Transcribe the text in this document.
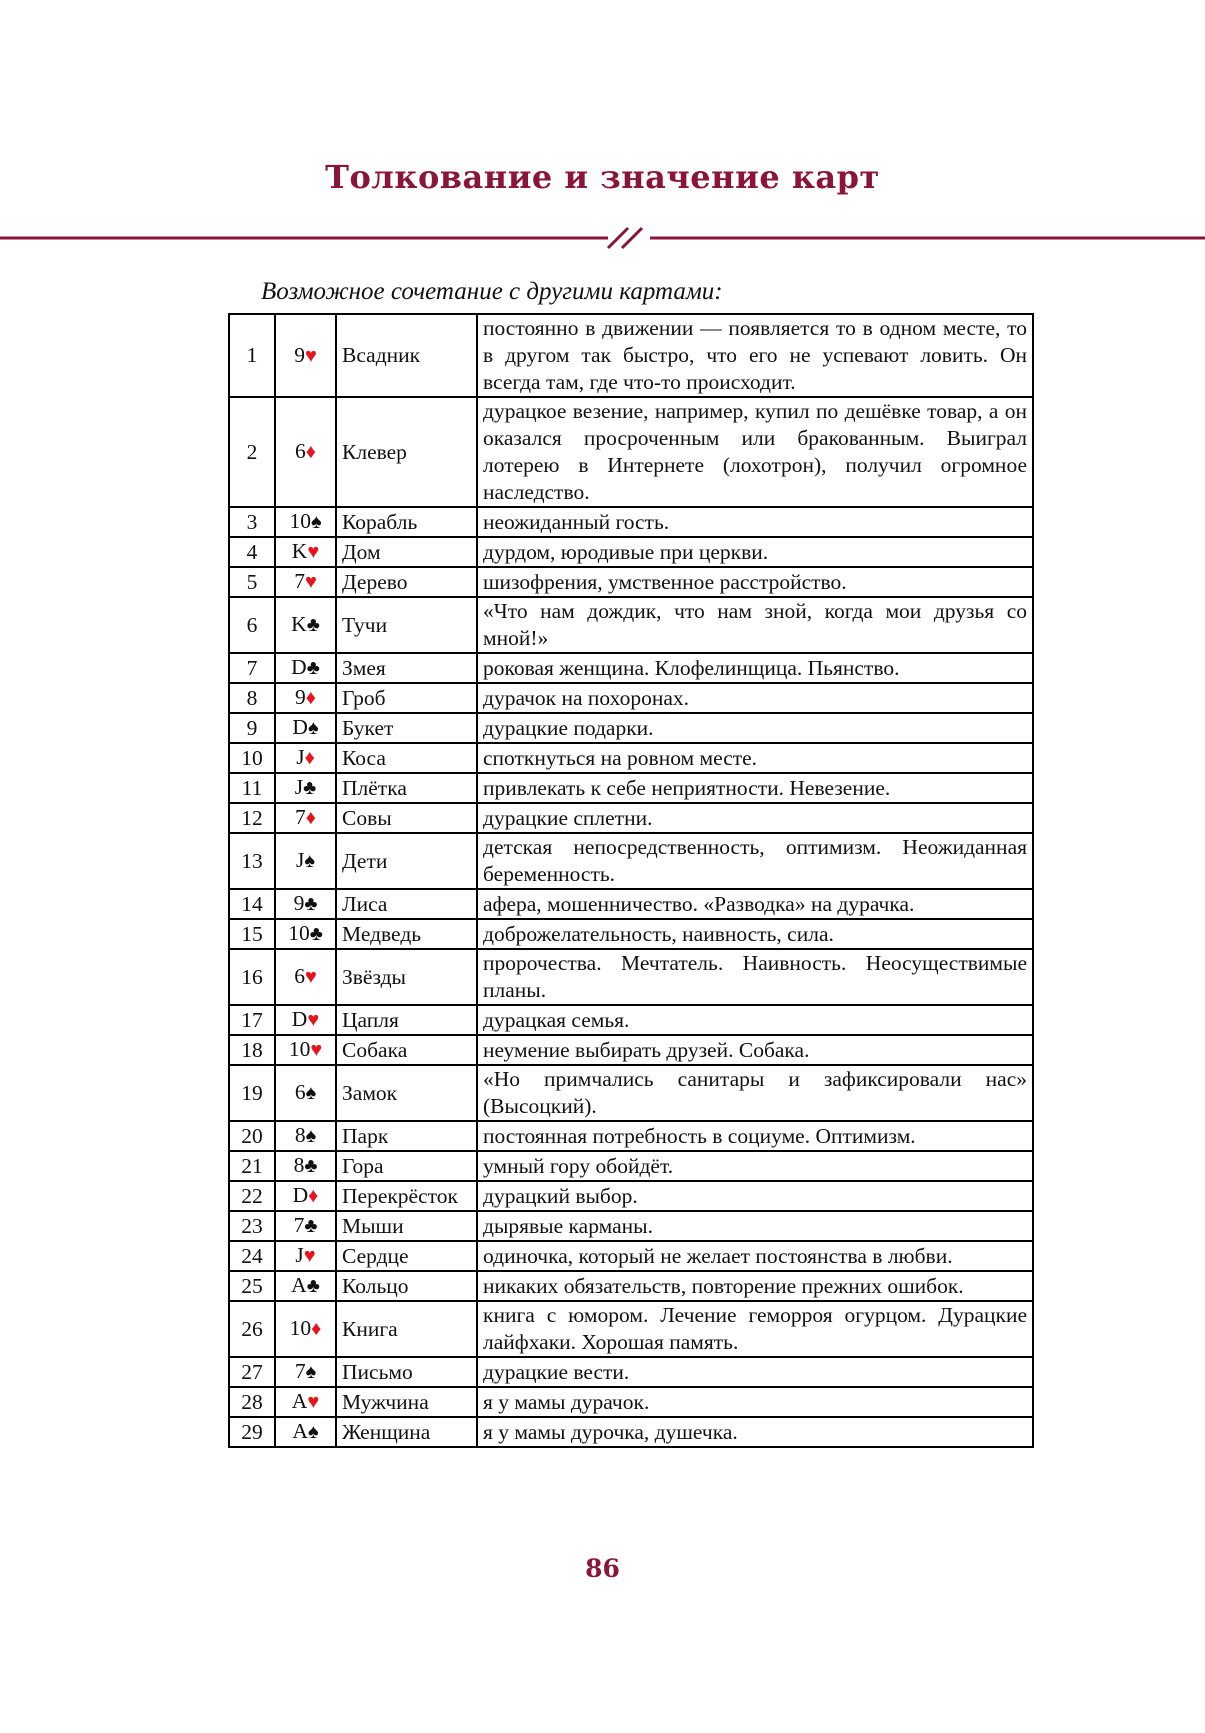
Толкование и значение карт

Возможное сочетание с другими картами:

1	9♥	Всадник	постоянно в движении — появляется то в одном месте, то в другом так быстро, что его не успевают ловить. Он всегда там, где что-то происходит.
2	6♦	Клевер	дурацкое везение, например, купил по дешёвке товар, а он оказался просроченным или бракованным. Выиграл лотерею в Интернете (лохотрон), получил огромное наследство.
3	10♠	Корабль	неожиданный гость.
4	K♥	Дом	дурдом, юродивые при церкви.
5	7♥	Дерево	шизофрения, умственное расстройство.
6	K♣	Тучи	«Что нам дождик, что нам зной, когда мои друзья со мной!»
7	D♣	Змея	роковая женщина. Клофелинщица. Пьянство.
8	9♦	Гроб	дурачок на похоронах.
9	D♠	Букет	дурацкие подарки.
10	J♦	Коса	споткнуться на ровном месте.
11	J♣	Плётка	привлекать к себе неприятности. Невезение.
12	7♦	Совы	дурацкие сплетни.
13	J♠	Дети	детская непосредственность, оптимизм. Неожиданная беременность.
14	9♣	Лиса	афера, мошенничество. «Разводка» на дурачка.
15	10♣	Медведь	доброжелательность, наивность, сила.
16	6♥	Звёзды	пророчества. Мечтатель. Наивность. Неосуществимые планы.
17	D♥	Цапля	дурацкая семья.
18	10♥	Собака	неумение выбирать друзей. Собака.
19	6♠	Замок	«Но примчались санитары и зафиксировали нас» (Высоцкий).
20	8♠	Парк	постоянная потребность в социуме. Оптимизм.
21	8♣	Гора	умный гору обойдёт.
22	D♦	Перекрёсток	дурацкий выбор.
23	7♣	Мыши	дырявые карманы.
24	J♥	Сердце	одиночка, который не желает постоянства в любви.
25	A♣	Кольцо	никаких обязательств, повторение прежних ошибок.
26	10♦	Книга	книга с юмором. Лечение геморроя огурцом. Дурацкие лайфхаки. Хорошая память.
27	7♠	Письмо	дурацкие вести.
28	A♥	Мужчина	я у мамы дурачок.
29	A♠	Женщина	я у мамы дурочка, душечка.
86
